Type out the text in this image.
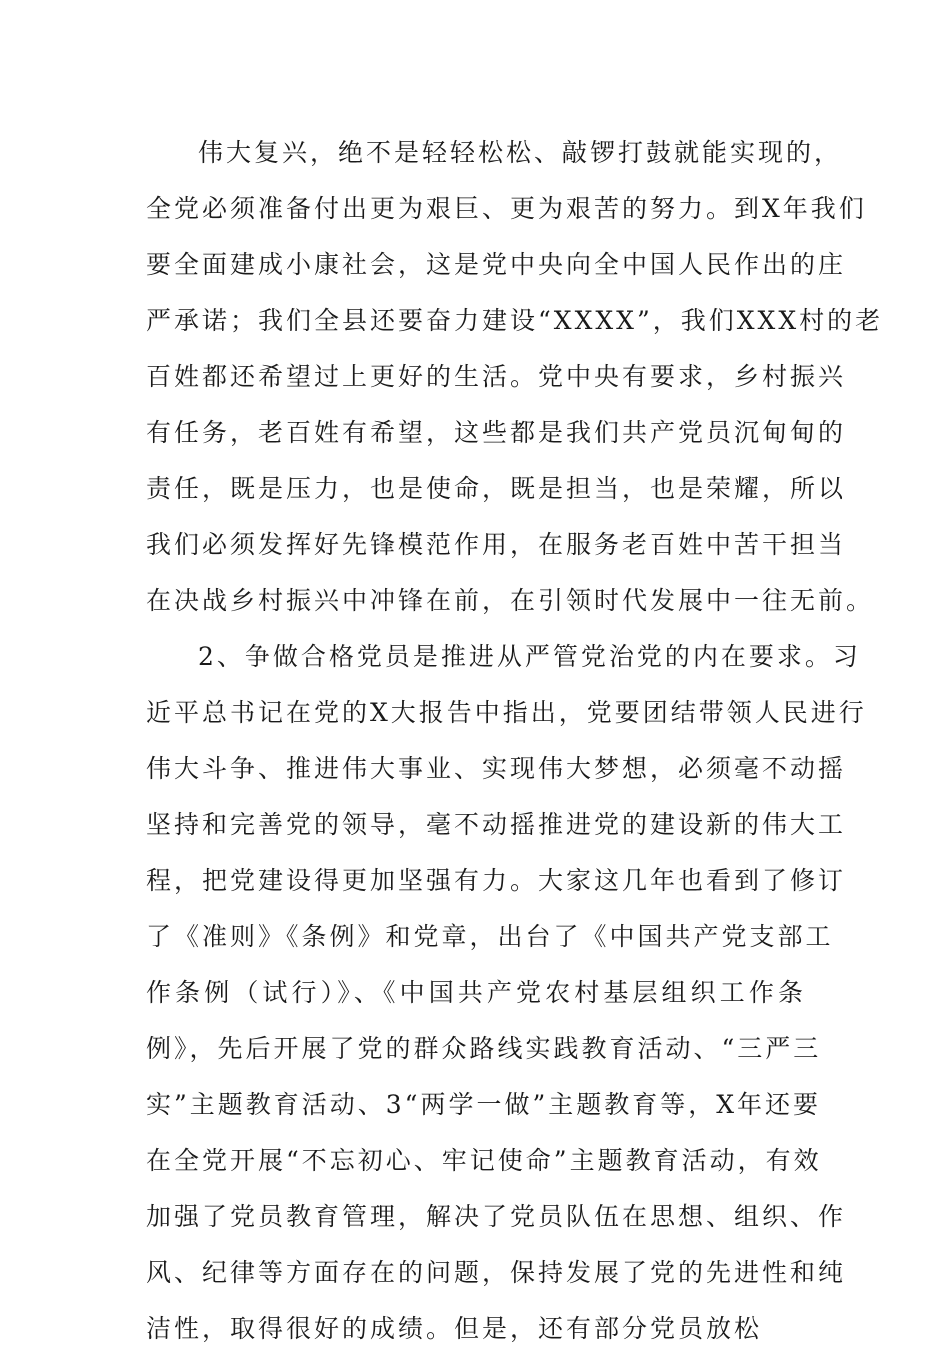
伟大复兴，绝不是轻轻松松、敲锣打鼓就能实现的，
全党必须准备付出更为艰巨、更为艰苦的努力。到X年我们
要全面建成小康社会，这是党中央向全中国人民作出的庄
严承诺；我们全县还要奋力建设“XXXX”，我们XXX村的老
百姓都还希望过上更好的生活。党中央有要求，乡村振兴
有任务，老百姓有希望，这些都是我们共产党员沉甸甸的
责任，既是压力，也是使命，既是担当，也是荣耀，所以
我们必须发挥好先锋模范作用，在服务老百姓中苦干担当
在决战乡村振兴中冲锋在前，在引领时代发展中一往无前。
2、争做合格党员是推进从严管党治党的内在要求。习
近平总书记在党的X大报告中指出，党要团结带领人民进行
伟大斗争、推进伟大事业、实现伟大梦想，必须毫不动摇
坚持和完善党的领导，毫不动摇推进党的建设新的伟大工
程，把党建设得更加坚强有力。大家这几年也看到了修订
了《准则》《条例》和党章，出台了《中国共产党支部工
作条例（试行）》、《中国共产党农村基层组织工作条
例》，先后开展了党的群众路线实践教育活动、“三严三
实”主题教育活动、3“两学一做”主题教育等，X年还要
在全党开展“不忘初心、牢记使命”主题教育活动，有效
加强了党员教育管理，解决了党员队伍在思想、组织、作
风、纪律等方面存在的问题，保持发展了党的先进性和纯
洁性，取得很好的成绩。但是，还有部分党员放松
